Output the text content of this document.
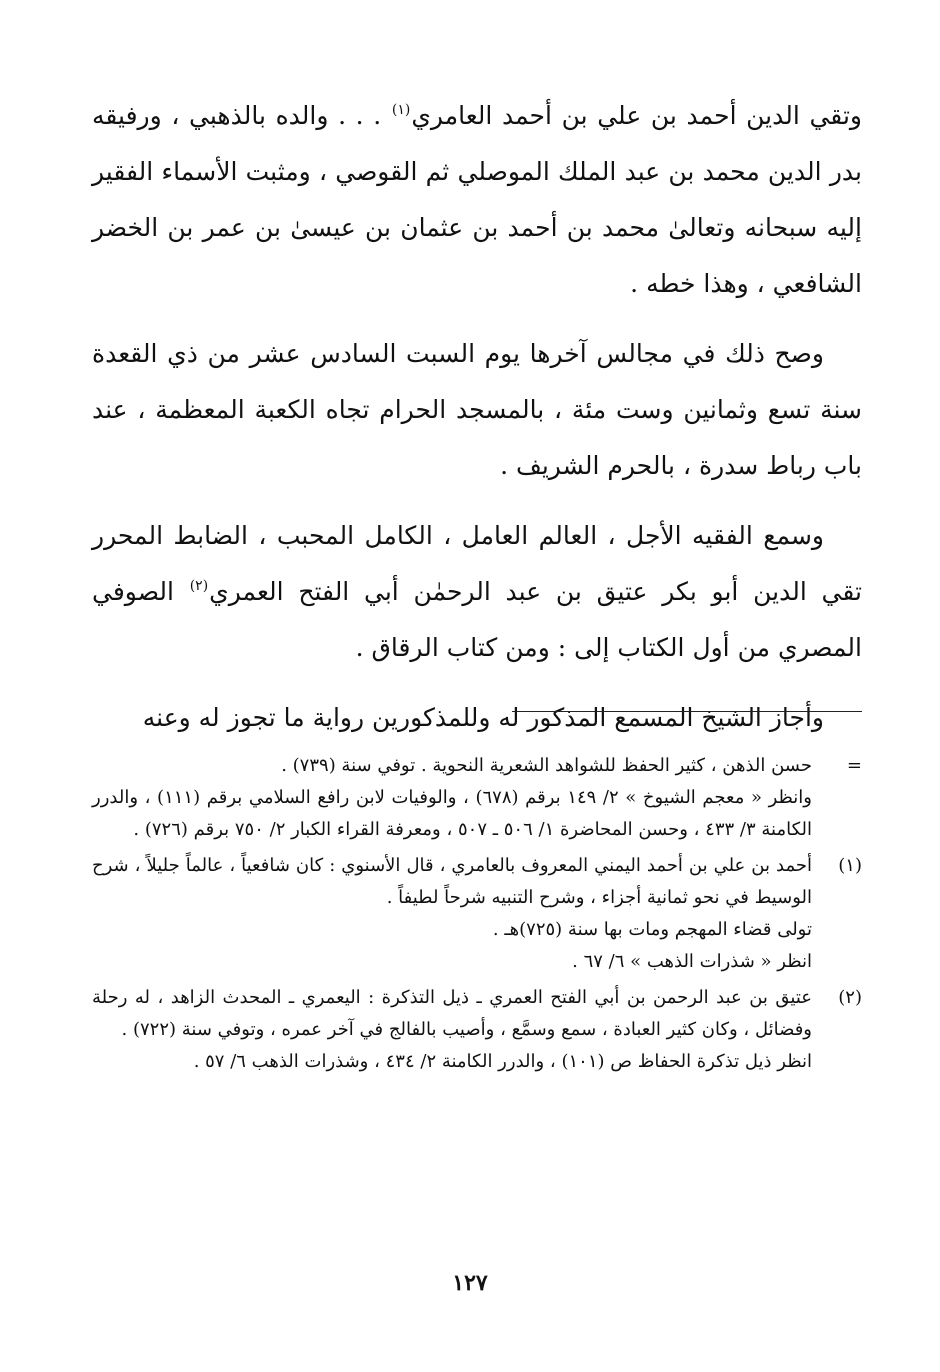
وتقي الدين أحمد بن علي بن أحمد العامري$^{(١)}$ . . . والده بالذهبي ، ورفيقه بدر الدين محمد بن عبد الملك الموصلي ثم القوصي ، ومثبت الأسماء الفقير إليه سبحانه وتعالىٰ محمد بن أحمد بن عثمان بن عيسىٰ بن عمر بن الخضر الشافعي ، وهذا خطه .

وصح ذلك في مجالس آخرها يوم السبت السادس عشر من ذي القعدة سنة تسع وثمانين وست مئة ، بالمسجد الحرام تجاه الكعبة المعظمة ، عند باب رباط سدرة ، بالحرم الشريف .

وسمع الفقيه الأجل ، العالم العامل ، الكامل المحبب ، الضابط المحرر تقي الدين أبو بكر عتيق بن عبد الرحمٰن أبي الفتح العمري$^{(٢)}$ الصوفي المصري من أول الكتاب إلى : ومن كتاب الرقاق .

وأجاز الشيخ المسمع المذكور له وللمذكورين رواية ما تجوز له وعنه

=
حسن الذهن ، كثير الحفظ للشواهد الشعرية النحوية . توفي سنة (٧٣٩) .
وانظر « معجم الشيوخ » ٢/ ١٤٩ برقم (٦٧٨) ، والوفيات لابن رافع السلامي برقم (١١١) ، والدرر الكامنة ٣/ ٤٣٣ ، وحسن المحاضرة ١/ ٥٠٦ ـ ٥٠٧ ، ومعرفة القراء الكبار ٢/ ٧٥٠ برقم (٧٢٦) .
(١)
أحمد بن علي بن أحمد اليمني المعروف بالعامري ، قال الأسنوي : كان شافعياً ، عالماً جليلاً ، شرح الوسيط في نحو ثمانية أجزاء ، وشرح التنبيه شرحاً لطيفاً .
تولى قضاء المهجم ومات بها سنة (٧٢٥)هـ .
انظر « شذرات الذهب » ٦/ ٦٧ .
(٢)
عتيق بن عبد الرحمن بن أبي الفتح العمري ـ ذيل التذكرة : اليعمري ـ المحدث الزاهد ، له رحلة وفضائل ، وكان كثير العبادة ، سمع وسمَّع ، وأصيب بالفالج في آخر عمره ، وتوفي سنة (٧٢٢) .
انظر ذيل تذكرة الحفاظ ص (١٠١) ، والدرر الكامنة ٢/ ٤٣٤ ، وشذرات الذهب ٦/ ٥٧ .
١٢٧
